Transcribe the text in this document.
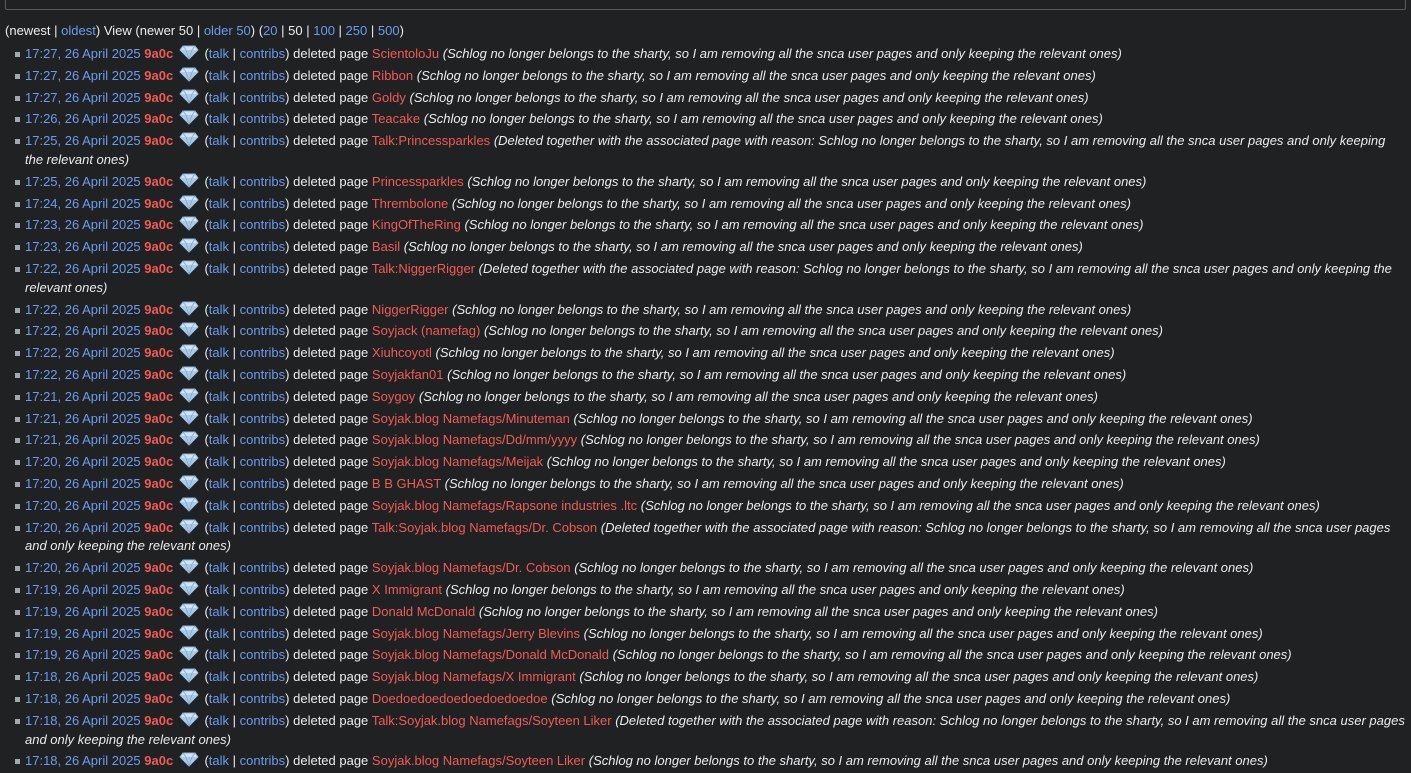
(newest | oldest) View (newer 50 | older 50) (20 | 50 | 100 | 250 | 500)
17:27, 26 April 2025 9a0c  (talk | contribs) deleted page ScientoloJu (Schlog no longer belongs to the sharty, so I am removing all the snca user pages and only keeping the relevant ones)
17:27, 26 April 2025 9a0c  (talk | contribs) deleted page Ribbon (Schlog no longer belongs to the sharty, so I am removing all the snca user pages and only keeping the relevant ones)
17:27, 26 April 2025 9a0c  (talk | contribs) deleted page Goldy (Schlog no longer belongs to the sharty, so I am removing all the snca user pages and only keeping the relevant ones)
17:26, 26 April 2025 9a0c  (talk | contribs) deleted page Teacake (Schlog no longer belongs to the sharty, so I am removing all the snca user pages and only keeping the relevant ones)
17:25, 26 April 2025 9a0c  (talk | contribs) deleted page Talk:Princessparkles (Deleted together with the associated page with reason: Schlog no longer belongs to the sharty, so I am removing all the snca user pages and only keeping the relevant ones)
17:25, 26 April 2025 9a0c  (talk | contribs) deleted page Princessparkles (Schlog no longer belongs to the sharty, so I am removing all the snca user pages and only keeping the relevant ones)
17:24, 26 April 2025 9a0c  (talk | contribs) deleted page Thrembolone (Schlog no longer belongs to the sharty, so I am removing all the snca user pages and only keeping the relevant ones)
17:23, 26 April 2025 9a0c  (talk | contribs) deleted page KingOfTheRing (Schlog no longer belongs to the sharty, so I am removing all the snca user pages and only keeping the relevant ones)
17:23, 26 April 2025 9a0c  (talk | contribs) deleted page Basil (Schlog no longer belongs to the sharty, so I am removing all the snca user pages and only keeping the relevant ones)
17:22, 26 April 2025 9a0c  (talk | contribs) deleted page Talk:NiggerRigger (Deleted together with the associated page with reason: Schlog no longer belongs to the sharty, so I am removing all the snca user pages and only keeping the relevant ones)
17:22, 26 April 2025 9a0c  (talk | contribs) deleted page NiggerRigger (Schlog no longer belongs to the sharty, so I am removing all the snca user pages and only keeping the relevant ones)
17:22, 26 April 2025 9a0c  (talk | contribs) deleted page Soyjack (namefag) (Schlog no longer belongs to the sharty, so I am removing all the snca user pages and only keeping the relevant ones)
17:22, 26 April 2025 9a0c  (talk | contribs) deleted page Xiuhcoyotl (Schlog no longer belongs to the sharty, so I am removing all the snca user pages and only keeping the relevant ones)
17:22, 26 April 2025 9a0c  (talk | contribs) deleted page Soyjakfan01 (Schlog no longer belongs to the sharty, so I am removing all the snca user pages and only keeping the relevant ones)
17:21, 26 April 2025 9a0c  (talk | contribs) deleted page Soygoy (Schlog no longer belongs to the sharty, so I am removing all the snca user pages and only keeping the relevant ones)
17:21, 26 April 2025 9a0c  (talk | contribs) deleted page Soyjak.blog Namefags/Minuteman (Schlog no longer belongs to the sharty, so I am removing all the snca user pages and only keeping the relevant ones)
17:21, 26 April 2025 9a0c  (talk | contribs) deleted page Soyjak.blog Namefags/Dd/mm/yyyy (Schlog no longer belongs to the sharty, so I am removing all the snca user pages and only keeping the relevant ones)
17:20, 26 April 2025 9a0c  (talk | contribs) deleted page Soyjak.blog Namefags/Meijak (Schlog no longer belongs to the sharty, so I am removing all the snca user pages and only keeping the relevant ones)
17:20, 26 April 2025 9a0c  (talk | contribs) deleted page B B GHAST (Schlog no longer belongs to the sharty, so I am removing all the snca user pages and only keeping the relevant ones)
17:20, 26 April 2025 9a0c  (talk | contribs) deleted page Soyjak.blog Namefags/Rapsone industries .ltc (Schlog no longer belongs to the sharty, so I am removing all the snca user pages and only keeping the relevant ones)
17:20, 26 April 2025 9a0c  (talk | contribs) deleted page Talk:Soyjak.blog Namefags/Dr. Cobson (Deleted together with the associated page with reason: Schlog no longer belongs to the sharty, so I am removing all the snca user pages and only keeping the relevant ones)
17:20, 26 April 2025 9a0c  (talk | contribs) deleted page Soyjak.blog Namefags/Dr. Cobson (Schlog no longer belongs to the sharty, so I am removing all the snca user pages and only keeping the relevant ones)
17:19, 26 April 2025 9a0c  (talk | contribs) deleted page X Immigrant (Schlog no longer belongs to the sharty, so I am removing all the snca user pages and only keeping the relevant ones)
17:19, 26 April 2025 9a0c  (talk | contribs) deleted page Donald McDonald (Schlog no longer belongs to the sharty, so I am removing all the snca user pages and only keeping the relevant ones)
17:19, 26 April 2025 9a0c  (talk | contribs) deleted page Soyjak.blog Namefags/Jerry Blevins (Schlog no longer belongs to the sharty, so I am removing all the snca user pages and only keeping the relevant ones)
17:19, 26 April 2025 9a0c  (talk | contribs) deleted page Soyjak.blog Namefags/Donald McDonald (Schlog no longer belongs to the sharty, so I am removing all the snca user pages and only keeping the relevant ones)
17:18, 26 April 2025 9a0c  (talk | contribs) deleted page Soyjak.blog Namefags/X Immigrant (Schlog no longer belongs to the sharty, so I am removing all the snca user pages and only keeping the relevant ones)
17:18, 26 April 2025 9a0c  (talk | contribs) deleted page Doedoedoedoedoedoedoedoe (Schlog no longer belongs to the sharty, so I am removing all the snca user pages and only keeping the relevant ones)
17:18, 26 April 2025 9a0c  (talk | contribs) deleted page Talk:Soyjak.blog Namefags/Soyteen Liker (Deleted together with the associated page with reason: Schlog no longer belongs to the sharty, so I am removing all the snca user pages and only keeping the relevant ones)
17:18, 26 April 2025 9a0c  (talk | contribs) deleted page Soyjak.blog Namefags/Soyteen Liker (Schlog no longer belongs to the sharty, so I am removing all the snca user pages and only keeping the relevant ones)
